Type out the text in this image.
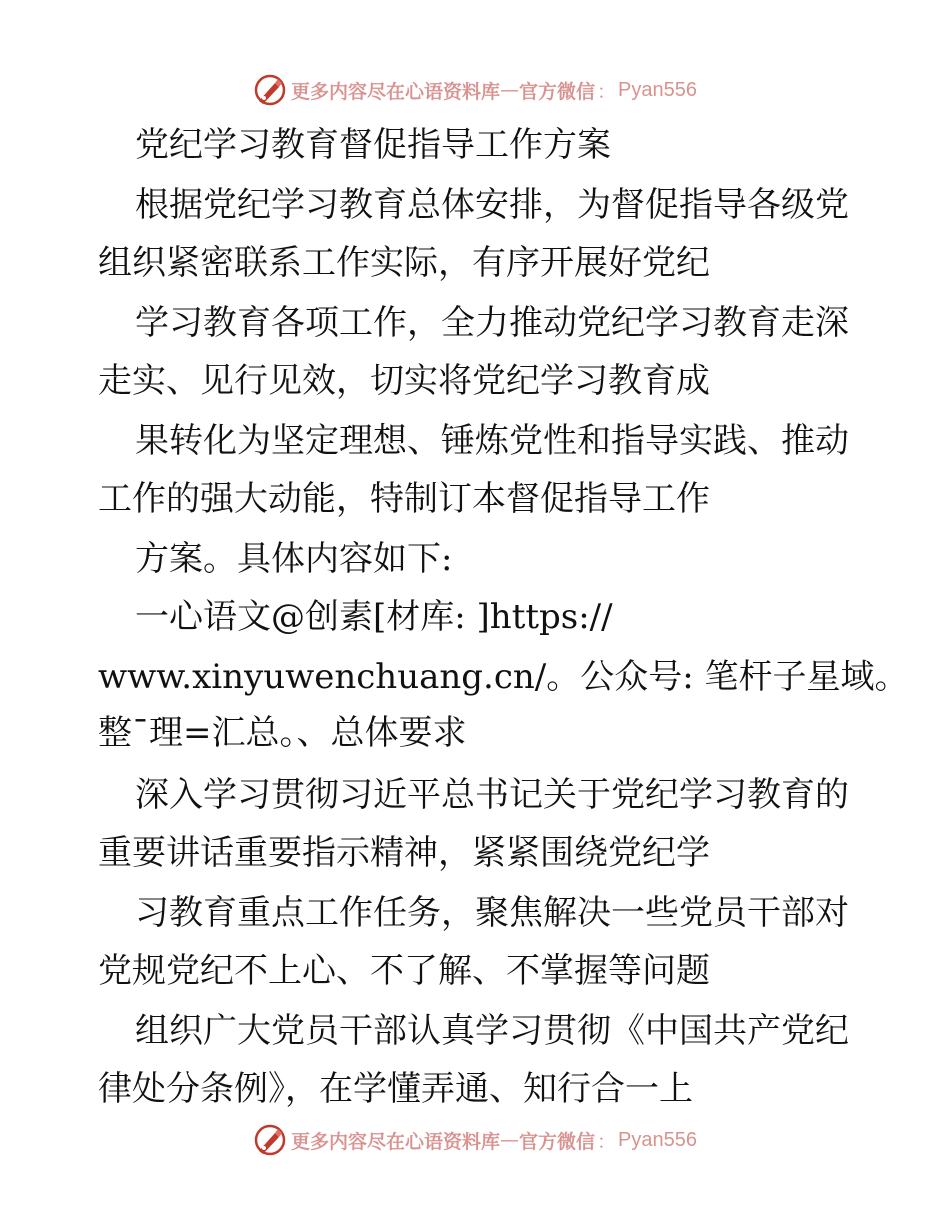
更多内容尽在心语资料库 — 官方微信 ： Pyan556
党纪学习教育督促指导工作方案
根据党纪学习教育总体安排，为督促指导各级党
组织紧密联系工作实际，有序开展好党纪
学习教育各项工作，全力推动党纪学习教育走深
走实、见行见效，切实将党纪学习教育成
果转化为坚定理想、锤炼党性和指导实践、推动
工作的强大动能，特制订本督促指导工作
方案。具体内容如下:
一心语文@创素[材库: ]https://
www.xinyuwenchuang.cn/。公众号: 笔杆子星域。
整¯理=汇总。、总体要求
深入学习贯彻习近平总书记关于党纪学习教育的
重要讲话重要指示精神，紧紧围绕党纪学
习教育重点工作任务，聚焦解决一些党员干部对
党规党纪不上心、不了解、不掌握等问题
组织广大党员干部认真学习贯彻《中国共产党纪
律处分条例》，在学懂弄通、知行合一上
更多内容尽在心语资料库 — 官方微信 ： Pyan556
